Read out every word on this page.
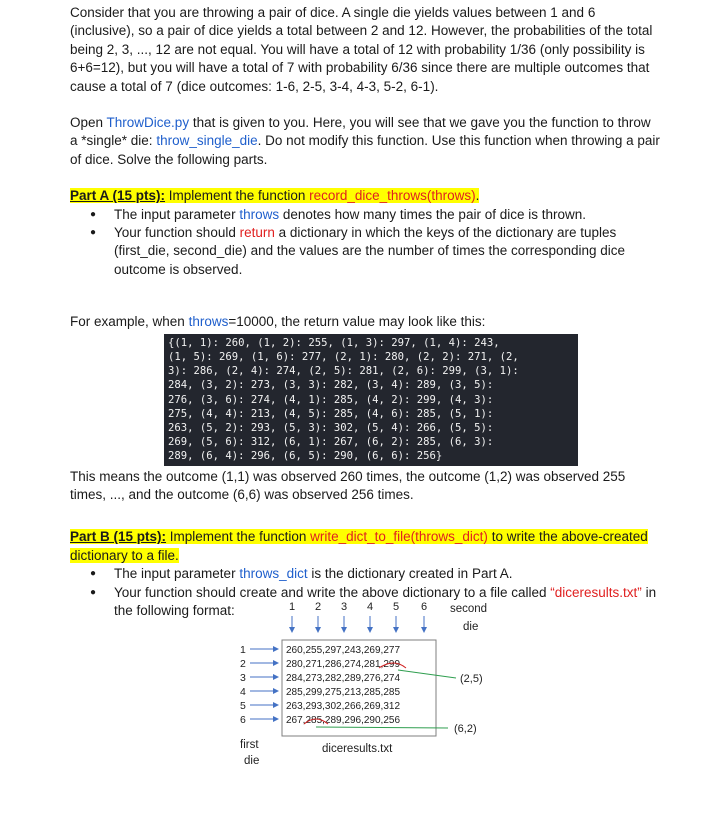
Consider that you are throwing a pair of dice. A single die yields values between 1 and 6 (inclusive), so a pair of dice yields a total between 2 and 12. However, the probabilities of the total being 2, 3, ..., 12 are not equal. You will have a total of 12 with probability 1/36 (only possibility is 6+6=12), but you will have a total of 7 with probability 6/36 since there are multiple outcomes that cause a total of 7 (dice outcomes: 1-6, 2-5, 3-4, 4-3, 5-2, 6-1).

Open ThrowDice.py that is given to you. Here, you will see that we gave you the function to throw a *single* die: throw_single_die. Do not modify this function. Use this function when throwing a pair of dice. Solve the following parts.

Part A (15 pts): Implement the function record_dice_throws(throws).

● The input parameter throws denotes how many times the pair of dice is thrown.
● Your function should return a dictionary in which the keys of the dictionary are tuples (first_die, second_die) and the values are the number of times the corresponding dice outcome is observed.

For example, when throws=10000, the return value may look like this:

{(1, 1): 260, (1, 2): 255, (1, 3): 297, (1, 4): 243,
(1, 5): 269, (1, 6): 277, (2, 1): 280, (2, 2): 271, (2,
3): 286, (2, 4): 274, (2, 5): 281, (2, 6): 299, (3, 1):
284, (3, 2): 273, (3, 3): 282, (3, 4): 289, (3, 5):
276, (3, 6): 274, (4, 1): 285, (4, 2): 299, (4, 3):
275, (4, 4): 213, (4, 5): 285, (4, 6): 285, (5, 1):
263, (5, 2): 293, (5, 3): 302, (5, 4): 266, (5, 5):
269, (5, 6): 312, (6, 1): 267, (6, 2): 285, (6, 3):
289, (6, 4): 296, (6, 5): 290, (6, 6): 256}

This means the outcome (1,1) was observed 260 times, the outcome (1,2) was observed 255 times, ..., and the outcome (6,6) was observed 256 times.

Part B (15 pts): Implement the function write_dict_to_file(throws_dict) to write the above-created dictionary to a file.

● The input parameter throws_dict is the dictionary created in Part A.
● Your function should create and write the above dictionary to a file called “diceresults.txt” in the following format:	1 2 3 4 5 6 second
die
1
2
3
4
5
6
260,255,297,243,269,277
280,271,286,274,281,299
284,273,282,289,276,274
285,299,275,213,285,285
263,293,302,266,269,312
267,285,289,296,290,256
(2,5)
(6,2)
first
die
diceresults.txt
